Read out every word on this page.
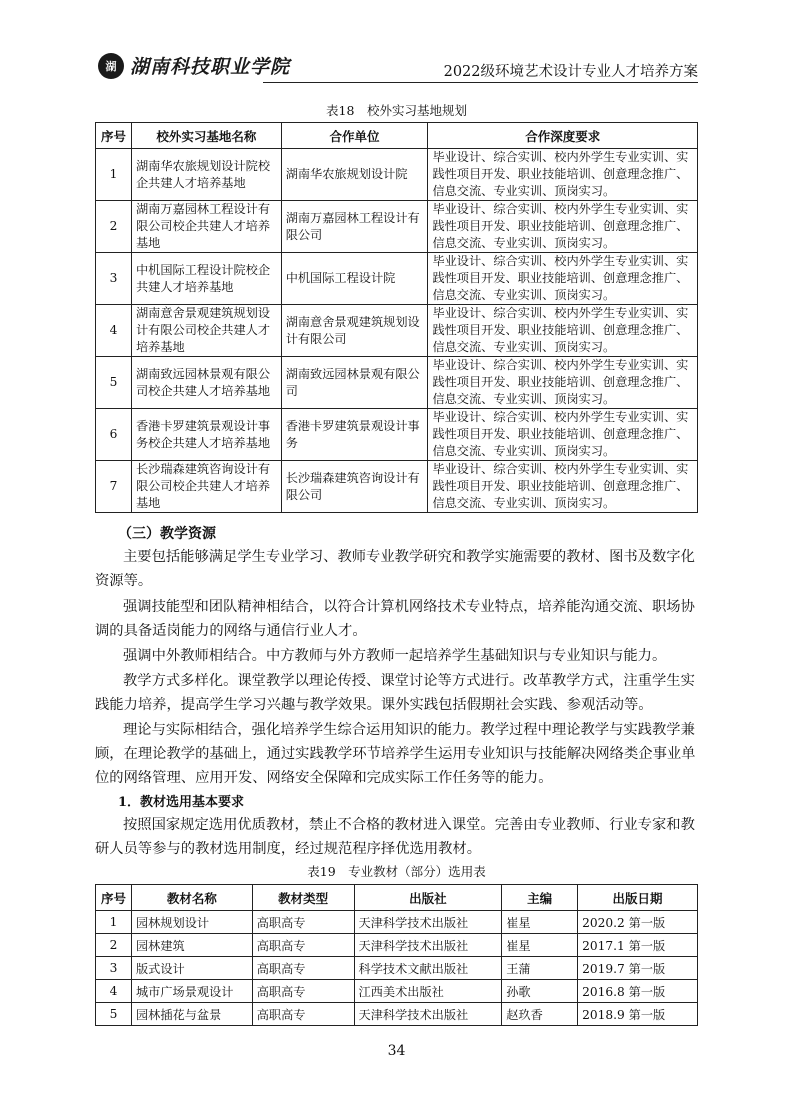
湖 湖南科技职业学院	2022级环境艺术设计专业人才培养方案
表18　校外实习基地规划
序号	校外实习基地名称	合作单位	合作深度要求
1	湖南华农旅规划设计院校企共建人才培养基地	湖南华农旅规划设计院	毕业设计、综合实训、校内外学生专业实训、实践性项目开发、职业技能培训、创意理念推广、信息交流、专业实训、顶岗实习。
2	湖南万嘉园林工程设计有限公司校企共建人才培养基地	湖南万嘉园林工程设计有限公司	毕业设计、综合实训、校内外学生专业实训、实践性项目开发、职业技能培训、创意理念推广、信息交流、专业实训、顶岗实习。
3	中机国际工程设计院校企共建人才培养基地	中机国际工程设计院	毕业设计、综合实训、校内外学生专业实训、实践性项目开发、职业技能培训、创意理念推广、信息交流、专业实训、顶岗实习。
4	湖南意舍景观建筑规划设计有限公司校企共建人才培养基地	湖南意舍景观建筑规划设计有限公司	毕业设计、综合实训、校内外学生专业实训、实践性项目开发、职业技能培训、创意理念推广、信息交流、专业实训、顶岗实习。
5	湖南致远园林景观有限公司校企共建人才培养基地	湖南致远园林景观有限公司	毕业设计、综合实训、校内外学生专业实训、实践性项目开发、职业技能培训、创意理念推广、信息交流、专业实训、顶岗实习。
6	香港卡罗建筑景观设计事务校企共建人才培养基地	香港卡罗建筑景观设计事务	毕业设计、综合实训、校内外学生专业实训、实践性项目开发、职业技能培训、创意理念推广、信息交流、专业实训、顶岗实习。
7	长沙瑞森建筑咨询设计有限公司校企共建人才培养基地	长沙瑞森建筑咨询设计有限公司	毕业设计、综合实训、校内外学生专业实训、实践性项目开发、职业技能培训、创意理念推广、信息交流、专业实训、顶岗实习。
（三）教学资源

主要包括能够满足学生专业学习、教师专业教学研究和教学实施需要的教材、图书及数字化资源等。

强调技能型和团队精神相结合，以符合计算机网络技术专业特点，培养能沟通交流、职场协调的具备适岗能力的网络与通信行业人才。

强调中外教师相结合。中方教师与外方教师一起培养学生基础知识与专业知识与能力。

教学方式多样化。课堂教学以理论传授、课堂讨论等方式进行。改革教学方式，注重学生实践能力培养，提高学生学习兴趣与教学效果。课外实践包括假期社会实践、参观活动等。

理论与实际相结合，强化培养学生综合运用知识的能力。教学过程中理论教学与实践教学兼顾，在理论教学的基础上，通过实践教学环节培养学生运用专业知识与技能解决网络类企事业单位的网络管理、应用开发、网络安全保障和完成实际工作任务等的能力。

1．教材选用基本要求

按照国家规定选用优质教材，禁止不合格的教材进入课堂。完善由专业教师、行业专家和教研人员等参与的教材选用制度，经过规范程序择优选用教材。

表19　专业教材（部分）选用表
序号	教材名称	教材类型	出版社	主编	出版日期
1	园林规划设计	高职高专	天津科学技术出版社	崔星	2020.2 第一版
2	园林建筑	高职高专	天津科学技术出版社	崔星	2017.1 第一版
3	版式设计	高职高专	科学技术文献出版社	王蒲	2019.7 第一版
4	城市广场景观设计	高职高专	江西美术出版社	孙歌	2016.8 第一版
5	园林插花与盆景	高职高专	天津科学技术出版社	赵玖香	2018.9 第一版
34
